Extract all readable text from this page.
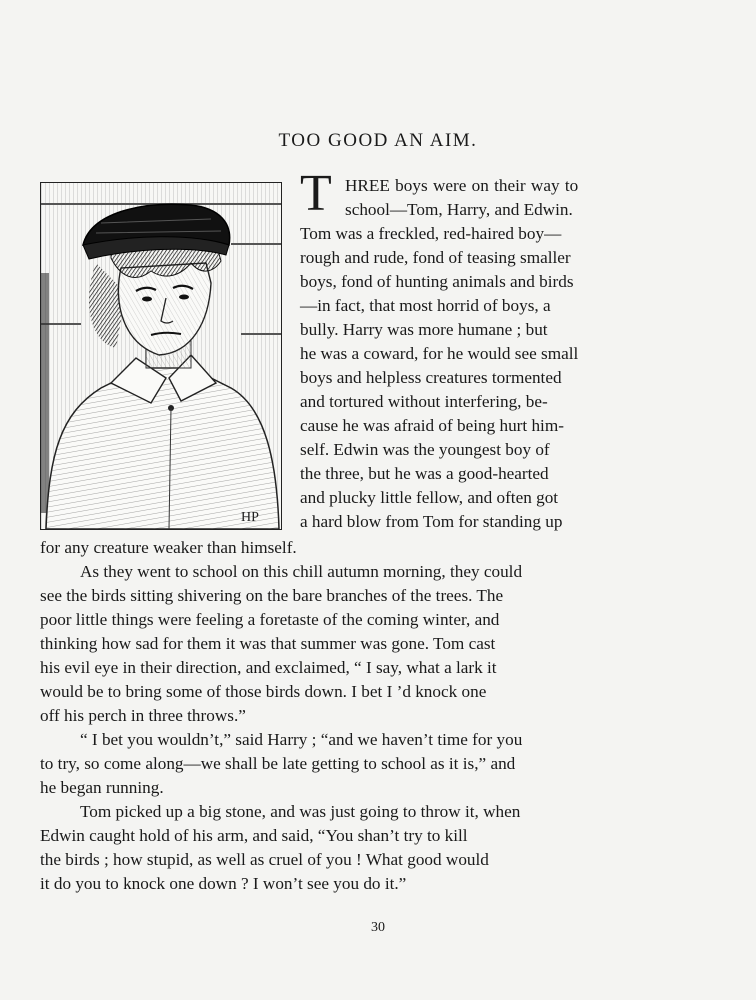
TOO GOOD AN AIM.
HP
T HREE boys were on their way to
school—Tom, Harry, and Edwin.
Tom was a freckled, red-haired boy—
rough and rude, fond of teasing smaller
boys, fond of hunting animals and birds
—in fact, that most horrid of boys, a
bully. Harry was more humane ; but
he was a coward, for he would see small
boys and helpless creatures tormented
and tortured without interfering, be-
cause he was afraid of being hurt him-
self. Edwin was the youngest boy of
the three, but he was a good-hearted
and plucky little fellow, and often got
a hard blow from Tom for standing up
for any creature weaker than himself.
As they went to school on this chill autumn morning, they could
see the birds sitting shivering on the bare branches of the trees. The
poor little things were feeling a foretaste of the coming winter, and
thinking how sad for them it was that summer was gone. Tom cast
his evil eye in their direction, and exclaimed, “ I say, what a lark it
would be to bring some of those birds down. I bet I ’d knock one
off his perch in three throws.”
“ I bet you wouldn’t,” said Harry ; “and we haven’t time for you
to try, so come along—we shall be late getting to school as it is,” and
he began running.
Tom picked up a big stone, and was just going to throw it, when
Edwin caught hold of his arm, and said, “You shan’t try to kill
the birds ; how stupid, as well as cruel of you ! What good would
it do you to knock one down ? I won’t see you do it.”
30
